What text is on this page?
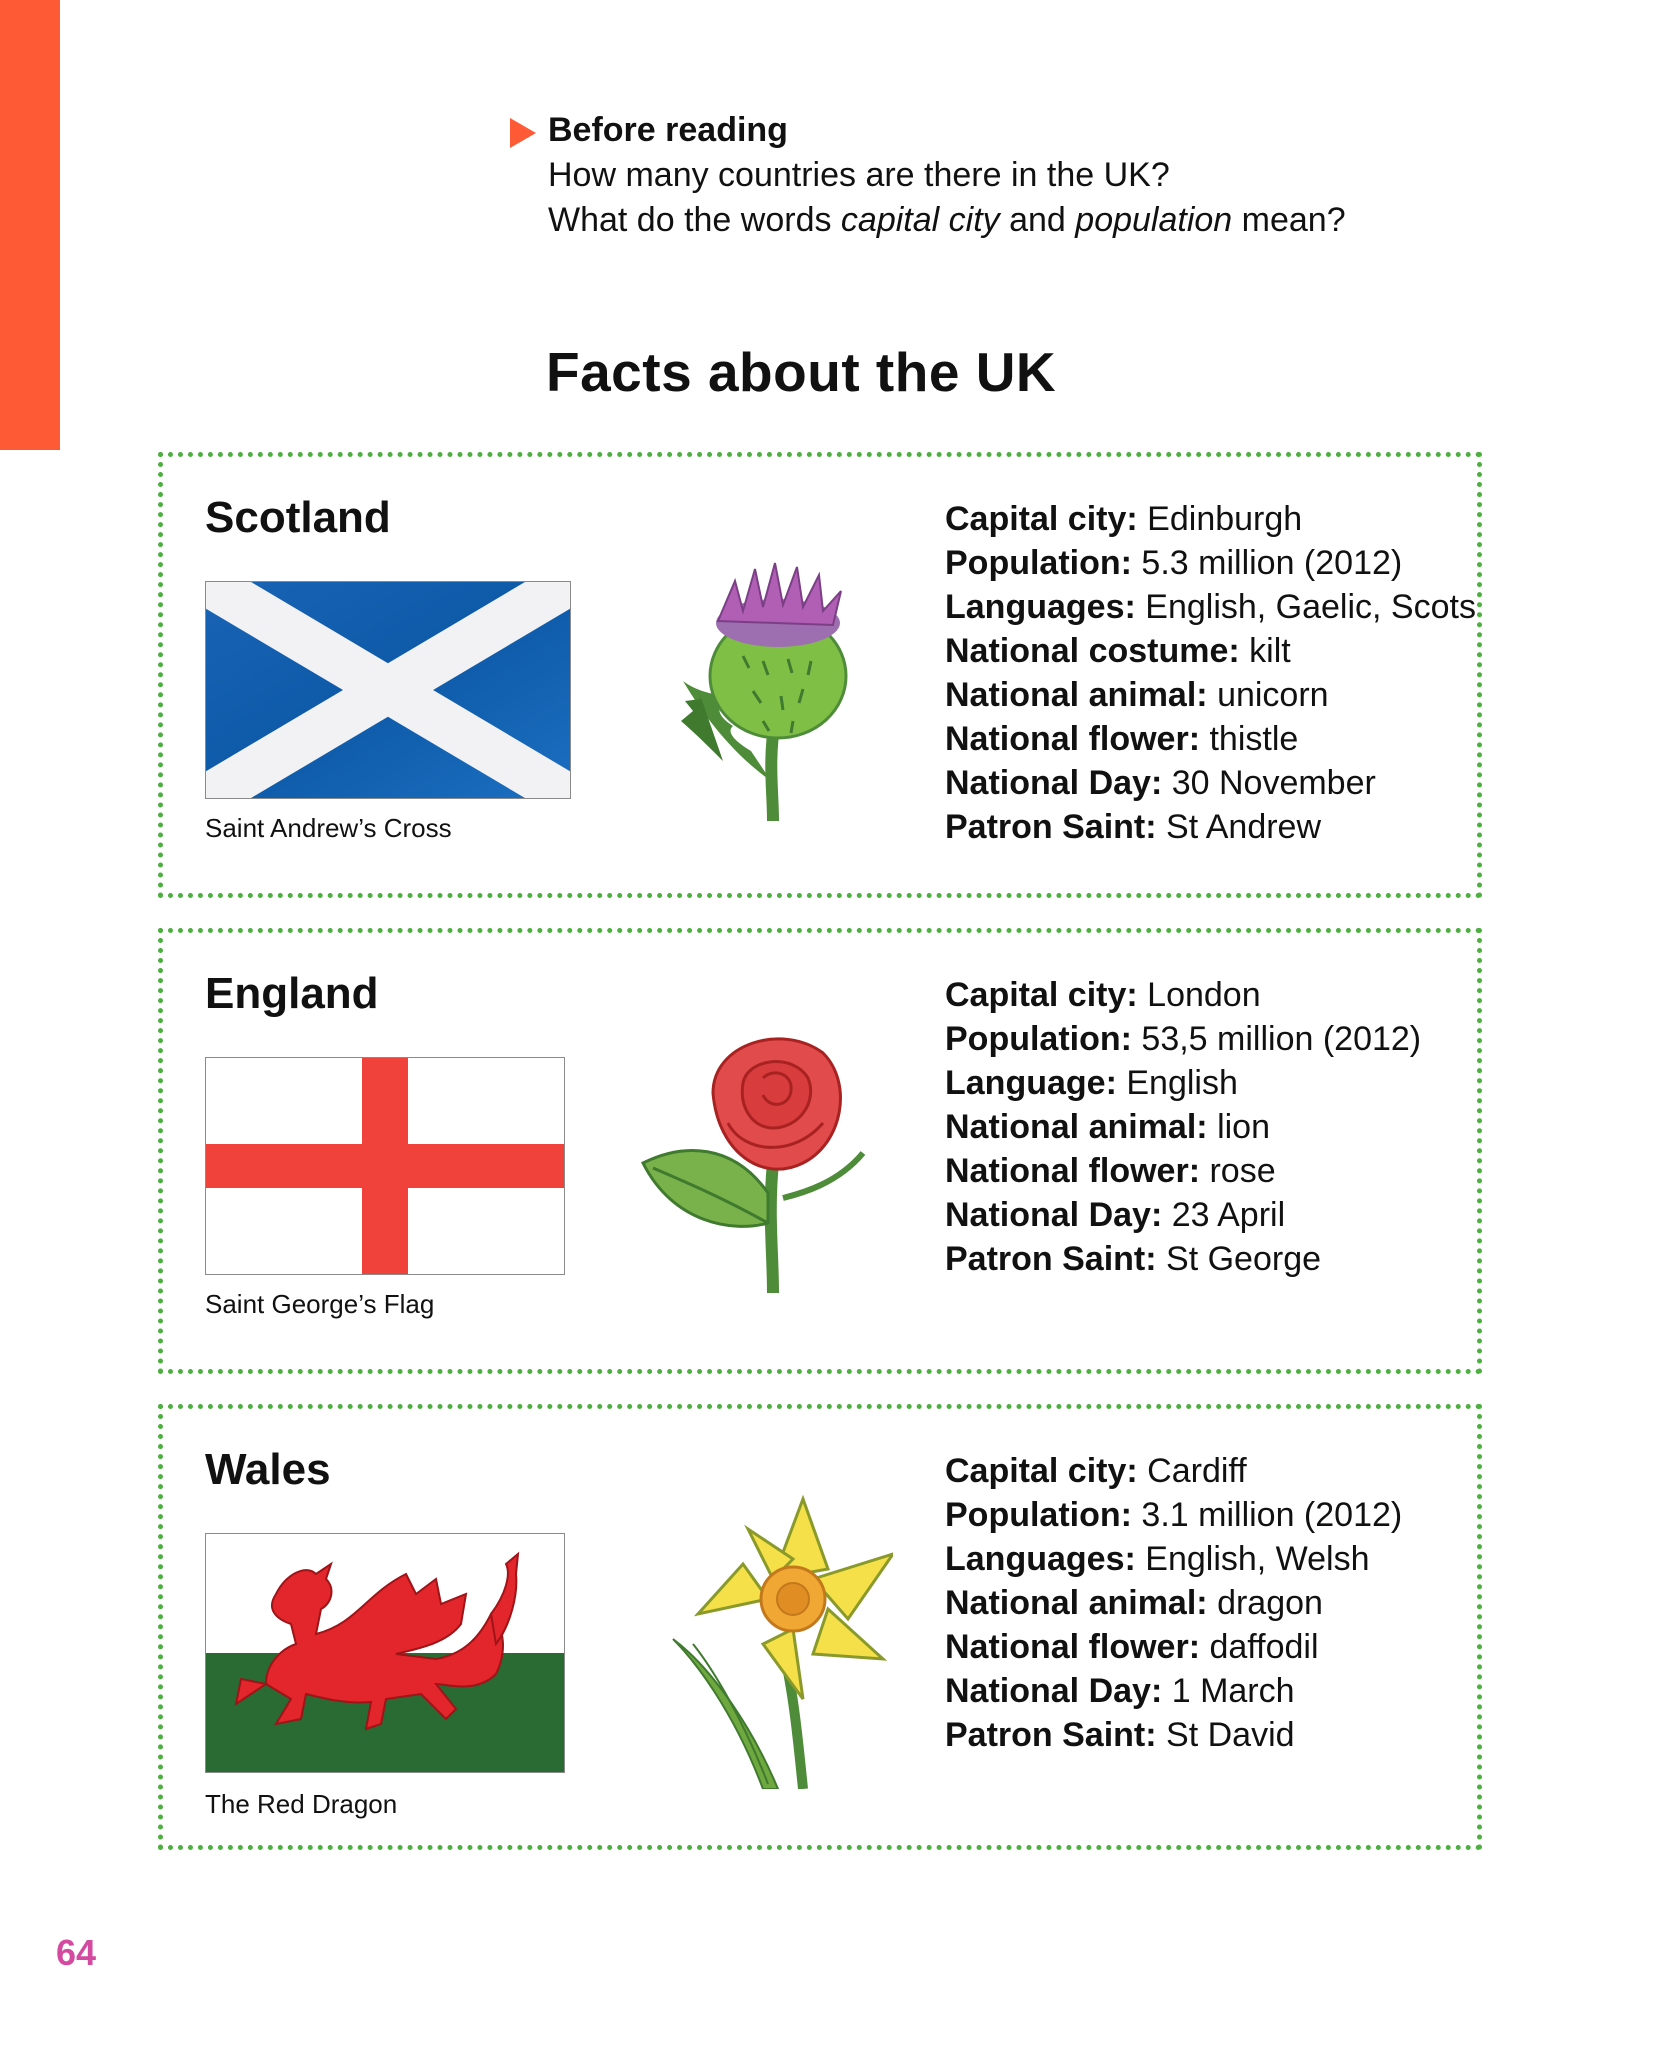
Before reading
How many countries are there in the UK?
What do the words capital city and population mean?
Facts about the UK
Scotland
Saint Andrew’s Cross
Capital city: Edinburgh
Population: 5.3 million (2012)
Languages: English, Gaelic, Scots
National costume: kilt
National animal: unicorn
National flower: thistle
National Day: 30 November
Patron Saint: St Andrew
England
Saint George’s Flag
Capital city: London
Population: 53,5 million (2012)
Language: English
National animal: lion
National flower: rose
National Day: 23 April
Patron Saint: St George
Wales
The Red Dragon
Capital city: Cardiff
Population: 3.1 million (2012)
Languages: English, Welsh
National animal: dragon
National flower: daffodil
National Day: 1 March
Patron Saint: St David
64
